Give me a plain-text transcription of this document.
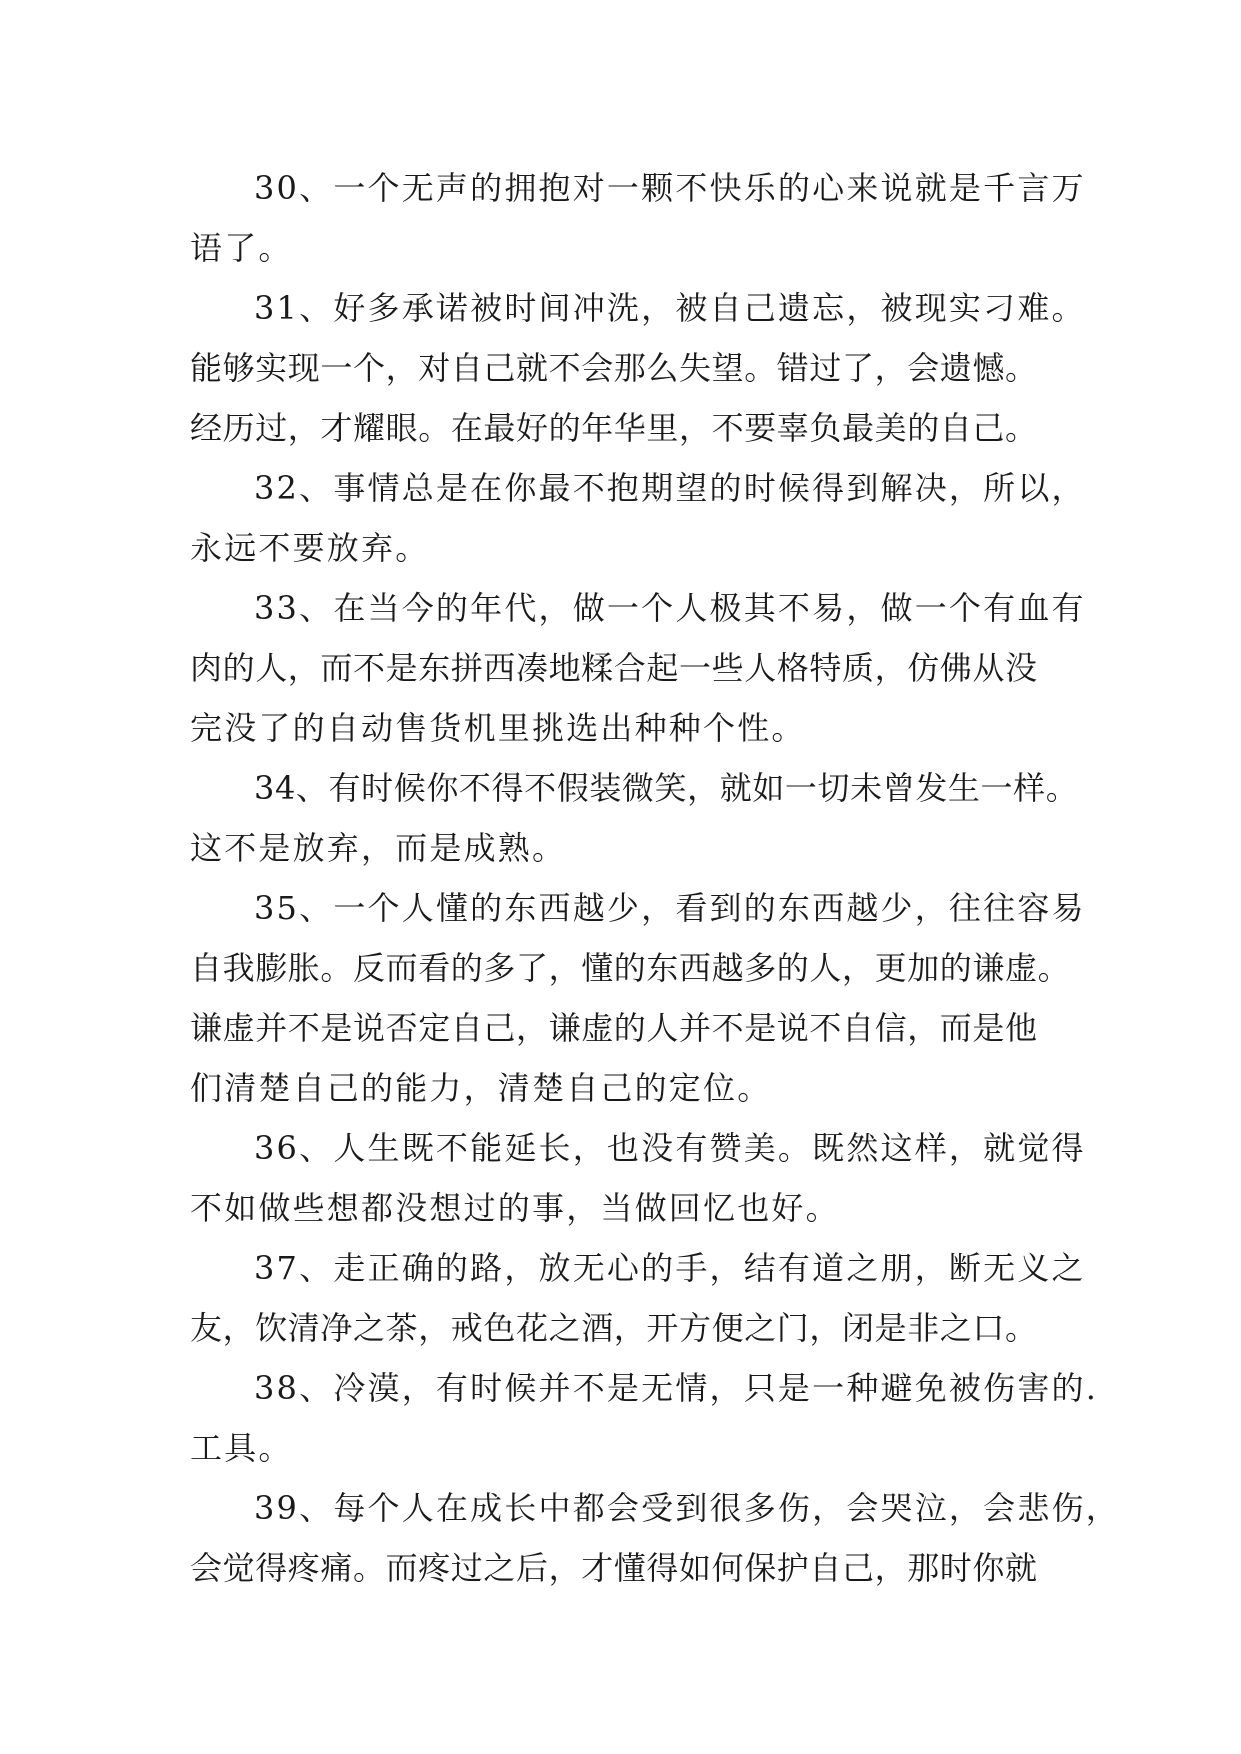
30、一个无声的拥抱对一颗不快乐的心来说就是千言万
语了。
31、好多承诺被时间冲洗，被自己遗忘，被现实刁难。
能够实现一个，对自己就不会那么失望。错过了，会遗憾。
经历过，才耀眼。在最好的年华里，不要辜负最美的自己。
32、事情总是在你最不抱期望的时候得到解决，所以，
永远不要放弃。
33、在当今的年代，做一个人极其不易，做一个有血有
肉的人，而不是东拼西凑地糅合起一些人格特质，仿佛从没
完没了的自动售货机里挑选出种种个性。
34、有时候你不得不假装微笑，就如一切未曾发生一样。
这不是放弃，而是成熟。
35、一个人懂的东西越少，看到的东西越少，往往容易
自我膨胀。反而看的多了，懂的东西越多的人，更加的谦虚。
谦虚并不是说否定自己，谦虚的人并不是说不自信，而是他
们清楚自己的能力，清楚自己的定位。
36、人生既不能延长，也没有赞美。既然这样，就觉得
不如做些想都没想过的事，当做回忆也好。
37、走正确的路，放无心的手，结有道之朋，断无义之
友，饮清净之茶，戒色花之酒，开方便之门，闭是非之口。
38、冷漠，有时候并不是无情，只是一种避免被伤害的.
工具。
39、每个人在成长中都会受到很多伤，会哭泣，会悲伤，
会觉得疼痛。而疼过之后，才懂得如何保护自己，那时你就
